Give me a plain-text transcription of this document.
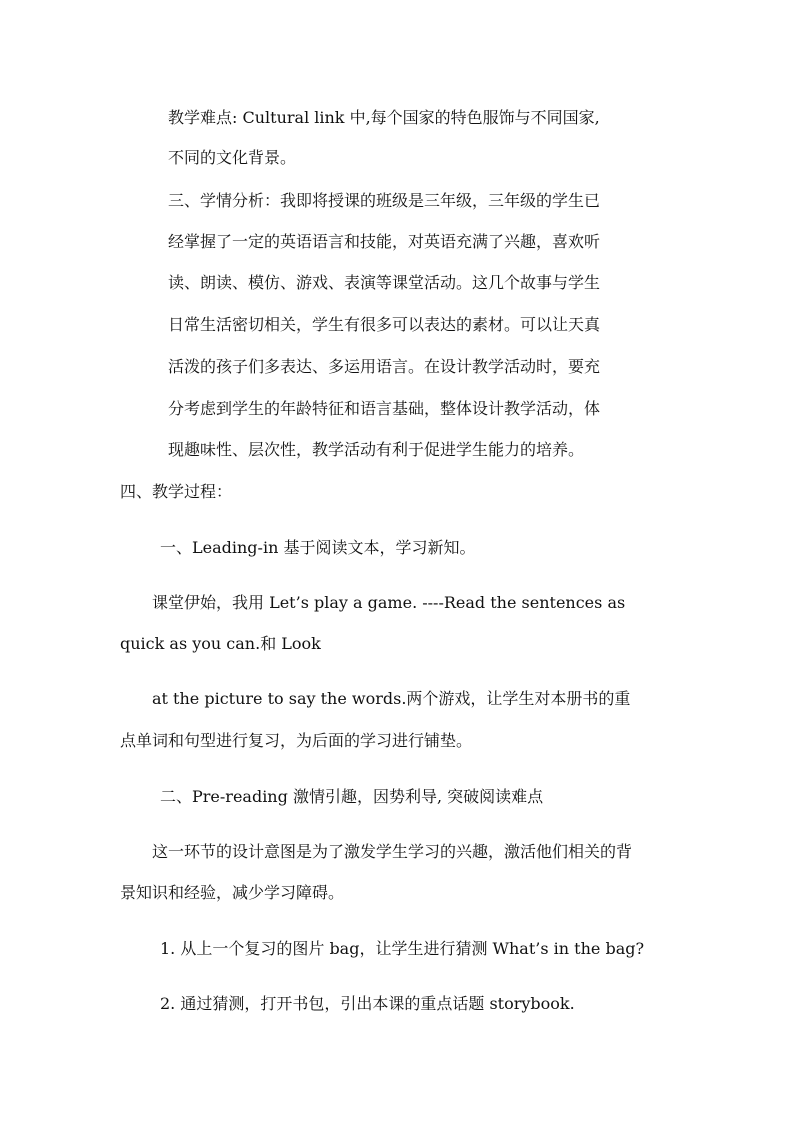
教学难点: Cultural link 中,每个国家的特色服饰与不同国家,
不同的文化背景。
三、学情分析：我即将授课的班级是三年级，三年级的学生已
经掌握了一定的英语语言和技能，对英语充满了兴趣，喜欢听
读、朗读、模仿、游戏、表演等课堂活动。这几个故事与学生
日常生活密切相关，学生有很多可以表达的素材。可以让天真
活泼的孩子们多表达、多运用语言。在设计教学活动时，要充
分考虑到学生的年龄特征和语言基础，整体设计教学活动，体
现趣味性、层次性，教学活动有利于促进学生能力的培养。
四、教学过程：
一、Leading-in 基于阅读文本，学习新知。
课堂伊始，我用 Let’s play a game. ----Read the sentences as
quick as you can.和 Look
at the picture to say the words.两个游戏，让学生对本册书的重
点单词和句型进行复习，为后面的学习进行铺垫。
二、Pre-reading 激情引趣，因势利导, 突破阅读难点
这一环节的设计意图是为了激发学生学习的兴趣，激活他们相关的背
景知识和经验，减少学习障碍。
1. 从上一个复习的图片 bag，让学生进行猜测 What’s in the bag?
2. 通过猜测，打开书包，引出本课的重点话题 storybook.
